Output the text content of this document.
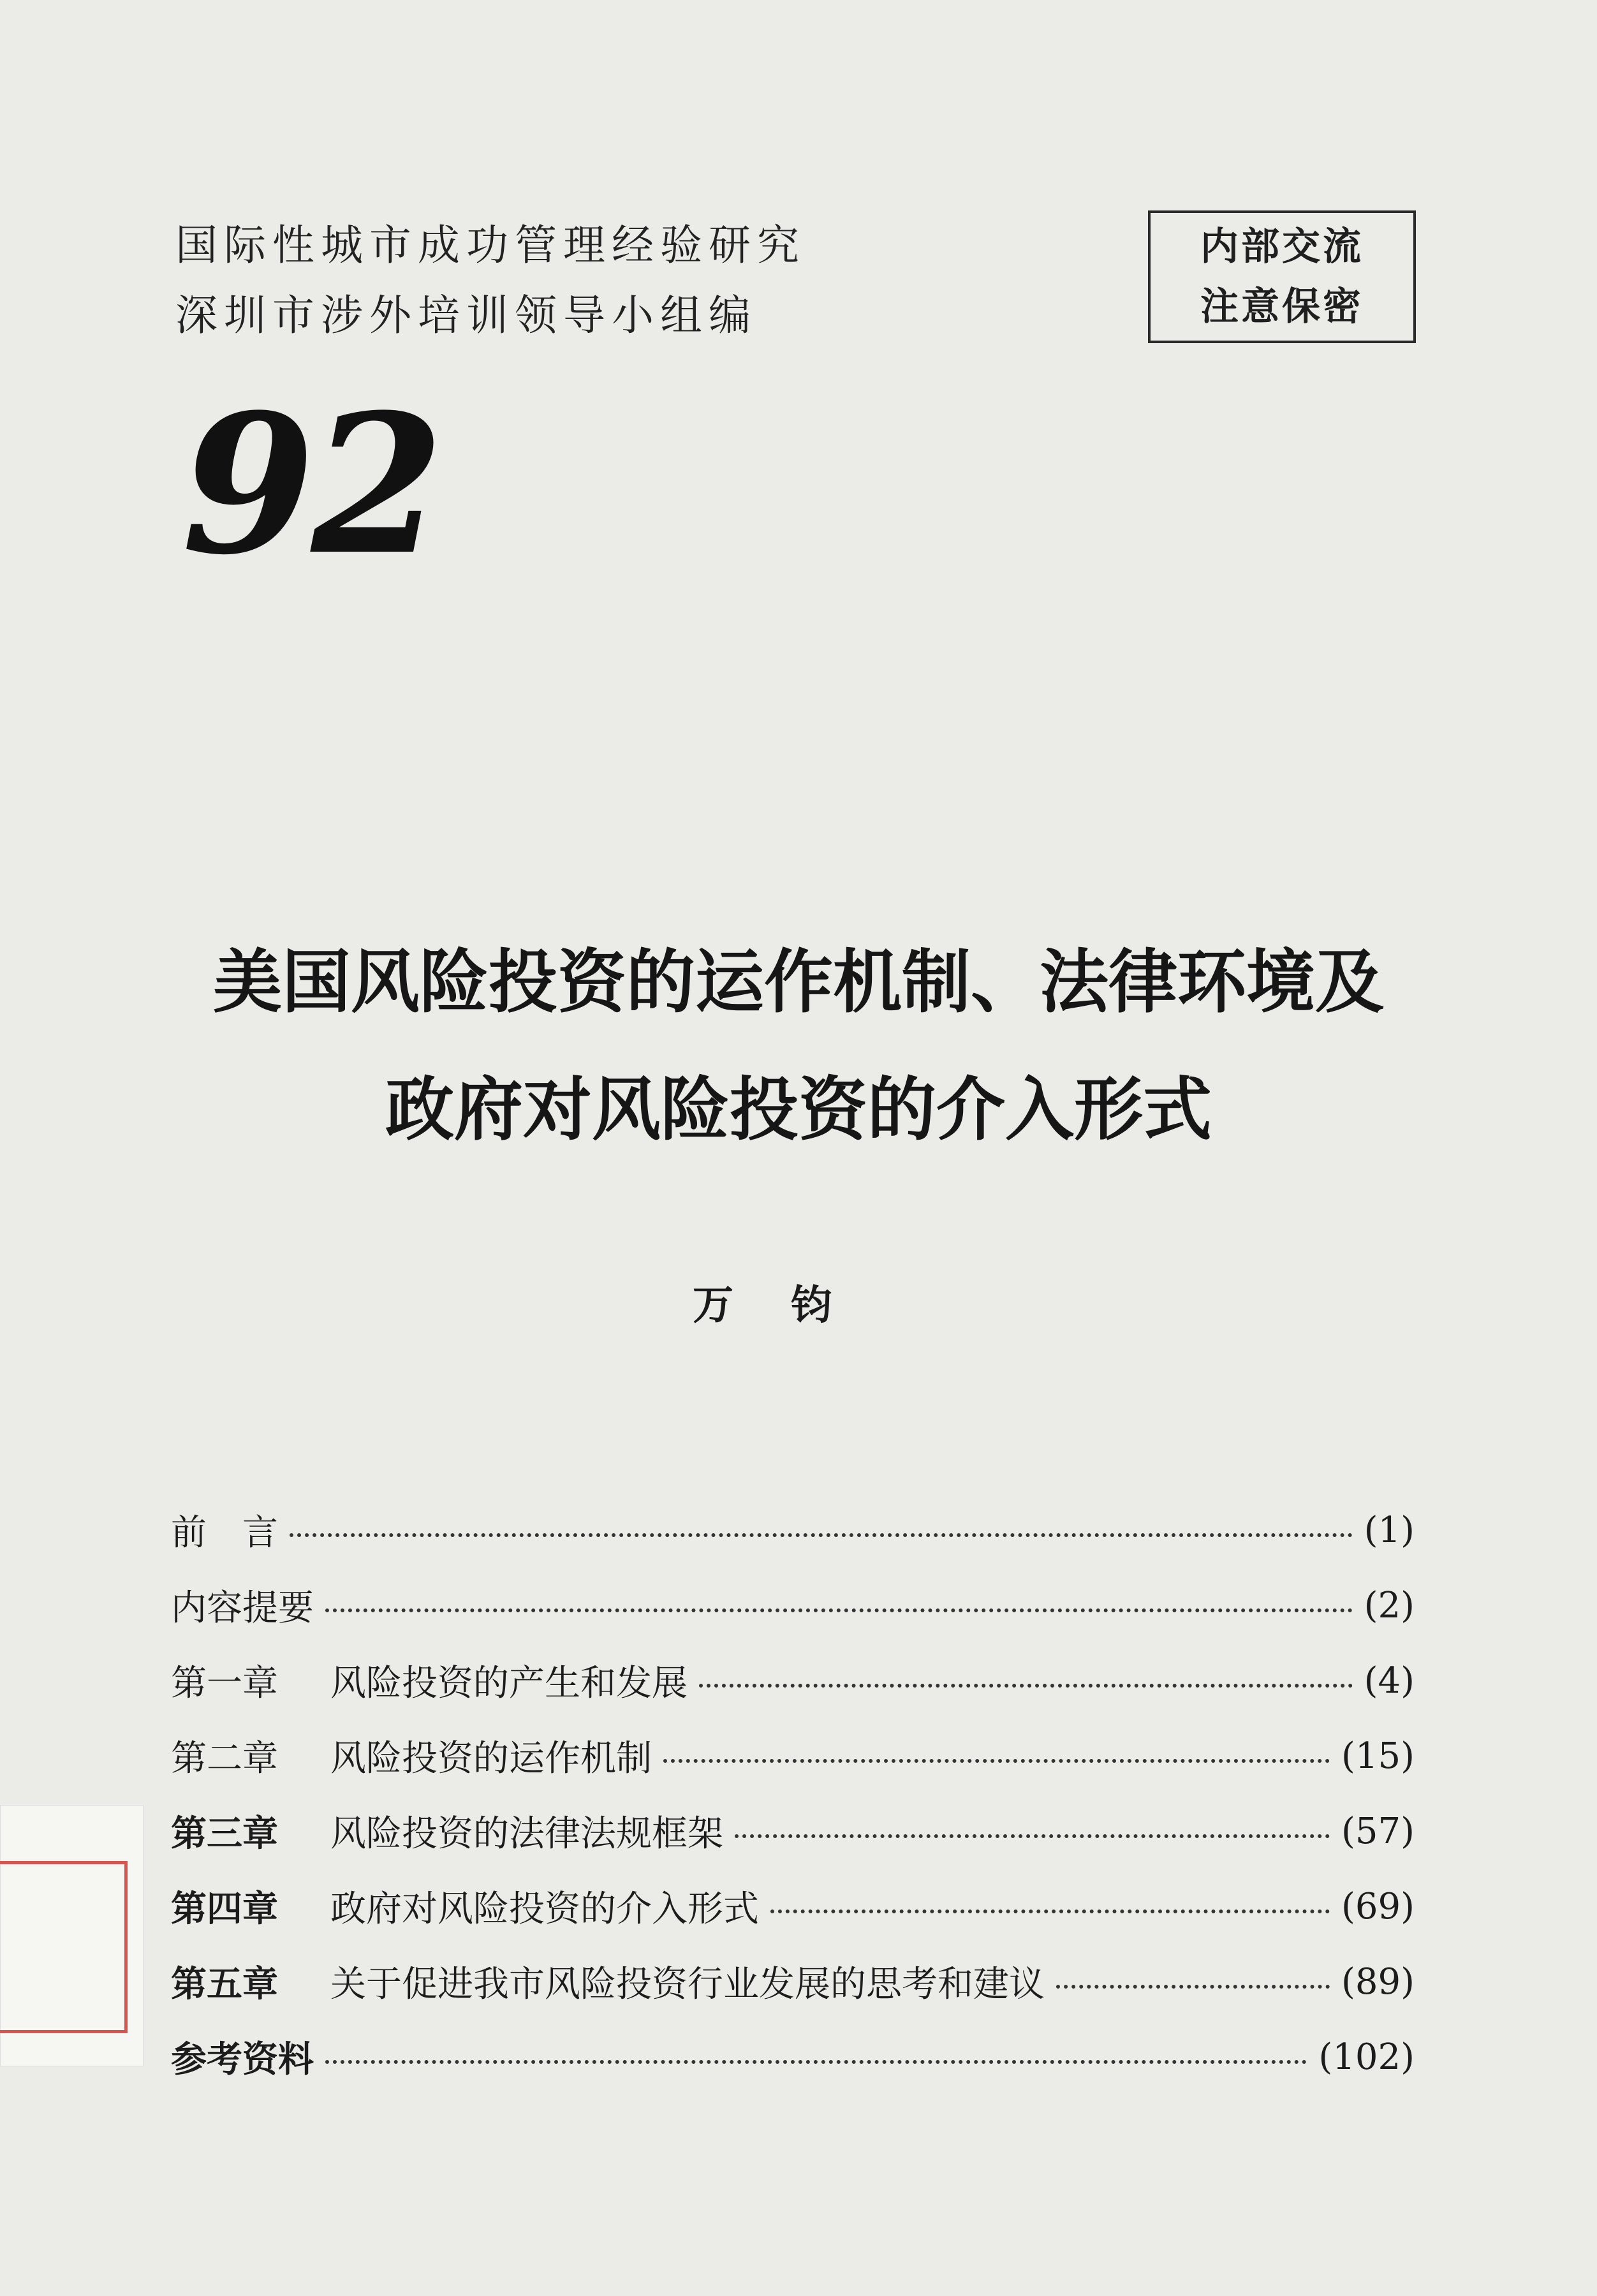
国际性城市成功管理经验研究
深圳市涉外培训领导小组编
内部交流
注意保密
92
美国风险投资的运作机制、法律环境及
政府对风险投资的介入形式
万钧
前　言	(1)
内容提要	(2)
第一章	风险投资的产生和发展	(4)
第二章	风险投资的运作机制	(15)
第三章	风险投资的法律法规框架	(57)
第四章	政府对风险投资的介入形式	(69)
第五章	关于促进我市风险投资行业发展的思考和建议	(89)
参考资料	(102)
